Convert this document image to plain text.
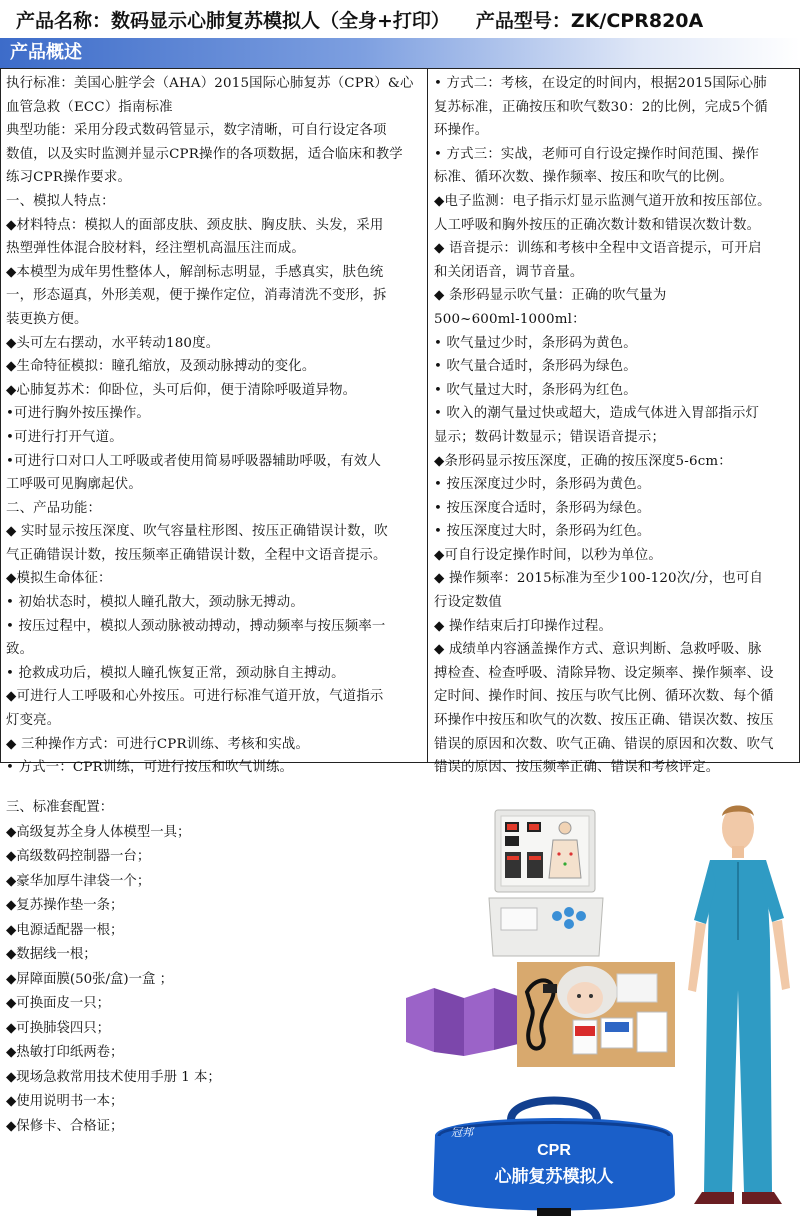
产品名称：数码显示心肺复苏模拟人（全身+打印） 产品型号：ZK/CPR820A
产品概述

执行标准：美国心脏学会（AHA）2015国际心肺复苏（CPR）&心

血管急救（ECC）指南标准

典型功能：采用分段式数码管显示，数字清晰，可自行设定各项

数值，以及实时监测并显示CPR操作的各项数据，适合临床和教学

练习CPR操作要求。

一、模拟人特点：

◆材料特点：模拟人的面部皮肤、颈皮肤、胸皮肤、头发，采用

热塑弹性体混合胶材料，经注塑机高温压注而成。

◆本模型为成年男性整体人，解剖标志明显，手感真实，肤色统

一，形态逼真，外形美观，便于操作定位，消毒清洗不变形，拆

装更换方便。

◆头可左右摆动，水平转动180度。

◆生命特征模拟：瞳孔缩放，及颈动脉搏动的变化。

◆心肺复苏术：仰卧位，头可后仰，便于清除呼吸道异物。

•可进行胸外按压操作。

•可进行打开气道。

•可进行口对口人工呼吸或者使用简易呼吸器辅助呼吸，有效人

工呼吸可见胸廓起伏。

二、产品功能：

◆ 实时显示按压深度、吹气容量柱形图、按压正确错误计数，吹

气正确错误计数，按压频率正确错误计数，全程中文语音提示。

◆模拟生命体征：

• 初始状态时，模拟人瞳孔散大，颈动脉无搏动。

• 按压过程中，模拟人颈动脉被动搏动，搏动频率与按压频率一

致。

• 抢救成功后，模拟人瞳孔恢复正常，颈动脉自主搏动。

◆可进行人工呼吸和心外按压。可进行标准气道开放，气道指示

灯变亮。

◆ 三种操作方式：可进行CPR训练、考核和实战。

• 方式一：CPR训练，可进行按压和吹气训练。

• 方式二：考核，在设定的时间内，根据2015国际心肺

复苏标准，正确按压和吹气数30：2的比例，完成5个循

环操作。

• 方式三：实战，老师可自行设定操作时间范围、操作

标准、循环次数、操作频率、按压和吹气的比例。

◆电子监测：电子指示灯显示监测气道开放和按压部位。

人工呼吸和胸外按压的正确次数计数和错误次数计数。

◆ 语音提示：训练和考核中全程中文语音提示，可开启

和关闭语音，调节音量。

◆ 条形码显示吹气量：正确的吹气量为

500~600ml-1000ml：

• 吹气量过少时，条形码为黄色。

• 吹气量合适时，条形码为绿色。

• 吹气量过大时，条形码为红色。

• 吹入的潮气量过快或超大，造成气体进入胃部指示灯

显示；数码计数显示；错误语音提示；

◆条形码显示按压深度，正确的按压深度5-6cm：

• 按压深度过少时，条形码为黄色。

• 按压深度合适时，条形码为绿色。

• 按压深度过大时，条形码为红色。

◆可自行设定操作时间，以秒为单位。

◆ 操作频率：2015标准为至少100-120次/分，也可自

行设定数值

◆ 操作结束后打印操作过程。

◆ 成绩单内容涵盖操作方式、意识判断、急救呼吸、脉

搏检查、检查呼吸、清除异物、设定频率、操作频率、设

定时间、操作时间、按压与吹气比例、循环次数、每个循

环操作中按压和吹气的次数、按压正确、错误次数、按压

错误的原因和次数、吹气正确、错误的原因和次数、吹气

错误的原因、按压频率正确、错误和考核评定。

三、标准套配置：

◆高级复苏全身人体模型一具；

◆高级数码控制器一台；

◆豪华加厚牛津袋一个；

◆复苏操作垫一条；

◆电源适配器一根；

◆数据线一根；

◆屏障面膜(50张/盒)一盒 ；

◆可换面皮一只；

◆可换肺袋四只；

◆热敏打印纸两卷；

◆现场急救常用技术使用手册 1 本；

◆使用说明书一本；

◆保修卡、合格证；	冠邦
CPR
心肺复苏模拟人
